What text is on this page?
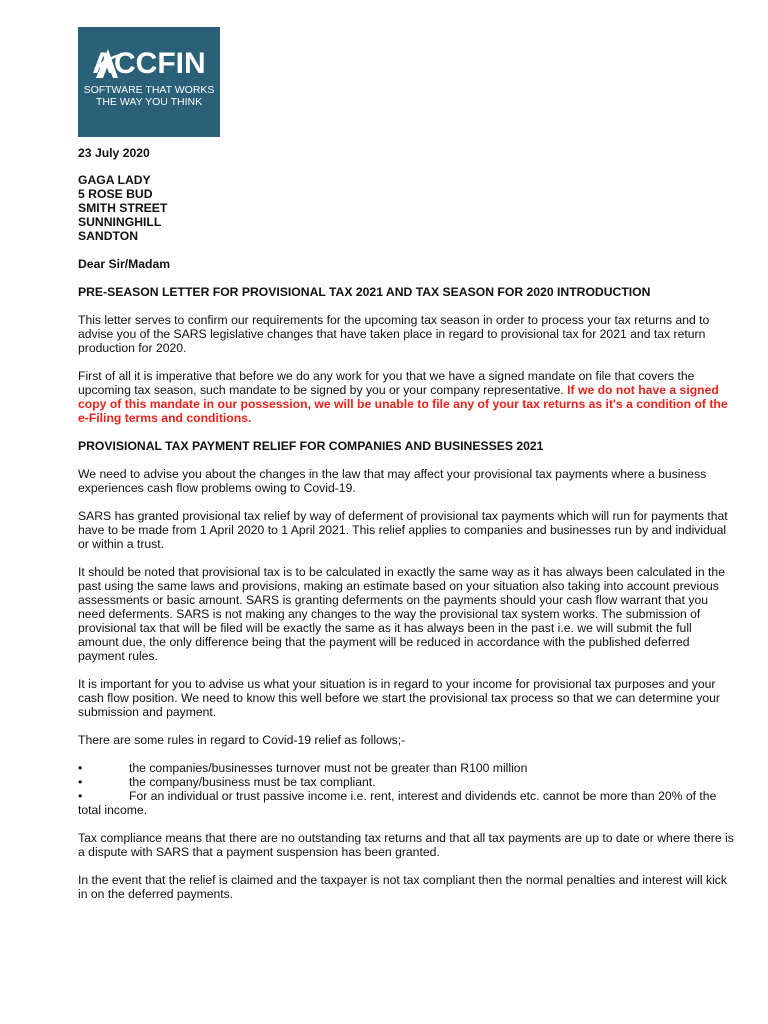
ACCFIN
SOFTWARE THAT WORKS
THE WAY YOU THINK
23 July 2020
GAGA LADY
5 ROSE BUD
SMITH STREET
SUNNINGHILL
SANDTON

Dear Sir/Madam

PRE-SEASON LETTER FOR PROVISIONAL TAX 2021 AND TAX SEASON FOR 2020 INTRODUCTION

This letter serves to confirm our requirements for the upcoming tax season in order to process your tax returns and to advise you of the SARS legislative changes that have taken place in regard to provisional tax for 2021 and tax return production for 2020.

First of all it is imperative that before we do any work for you that we have a signed mandate on file that covers the upcoming tax season, such mandate to be signed by you or your company representative. If we do not have a signed copy of this mandate in our possession, we will be unable to file any of your tax returns as it's a condition of the e-Filing terms and conditions.

PROVISIONAL TAX PAYMENT RELIEF FOR COMPANIES AND BUSINESSES 2021

We need to advise you about the changes in the law that may affect your provisional tax payments where a business experiences cash flow problems owing to Covid-19.

SARS has granted provisional tax relief by way of deferment of provisional tax payments which will run for payments that have to be made from 1 April 2020 to 1 April 2021. This relief applies to companies and businesses run by and individual or within a trust.

It should be noted that provisional tax is to be calculated in exactly the same way as it has always been calculated in the past using the same laws and provisions, making an estimate based on your situation also taking into account previous assessments or basic amount. SARS is granting deferments on the payments should your cash flow warrant that you need deferments. SARS is not making any changes to the way the provisional tax system works. The submission of provisional tax that will be filed will be exactly the same as it has always been in the past i.e. we will submit the full amount due, the only difference being that the payment will be reduced in accordance with the published deferred payment rules.

It is important for you to advise us what your situation is in regard to your income for provisional tax purposes and your cash flow position. We need to know this well before we start the provisional tax process so that we can determine your submission and payment.

There are some rules in regard to Covid-19 relief as follows;-

•	the companies/businesses turnover must not be greater than R100 million
•	the company/business must be tax compliant.
•	For an individual or trust passive income i.e. rent, interest and dividends etc. cannot be more than 20% of the total income.

Tax compliance means that there are no outstanding tax returns and that all tax payments are up to date or where there is a dispute with SARS that a payment suspension has been granted.

In the event that the relief is claimed and the taxpayer is not tax compliant then the normal penalties and interest will kick in on the deferred payments.
